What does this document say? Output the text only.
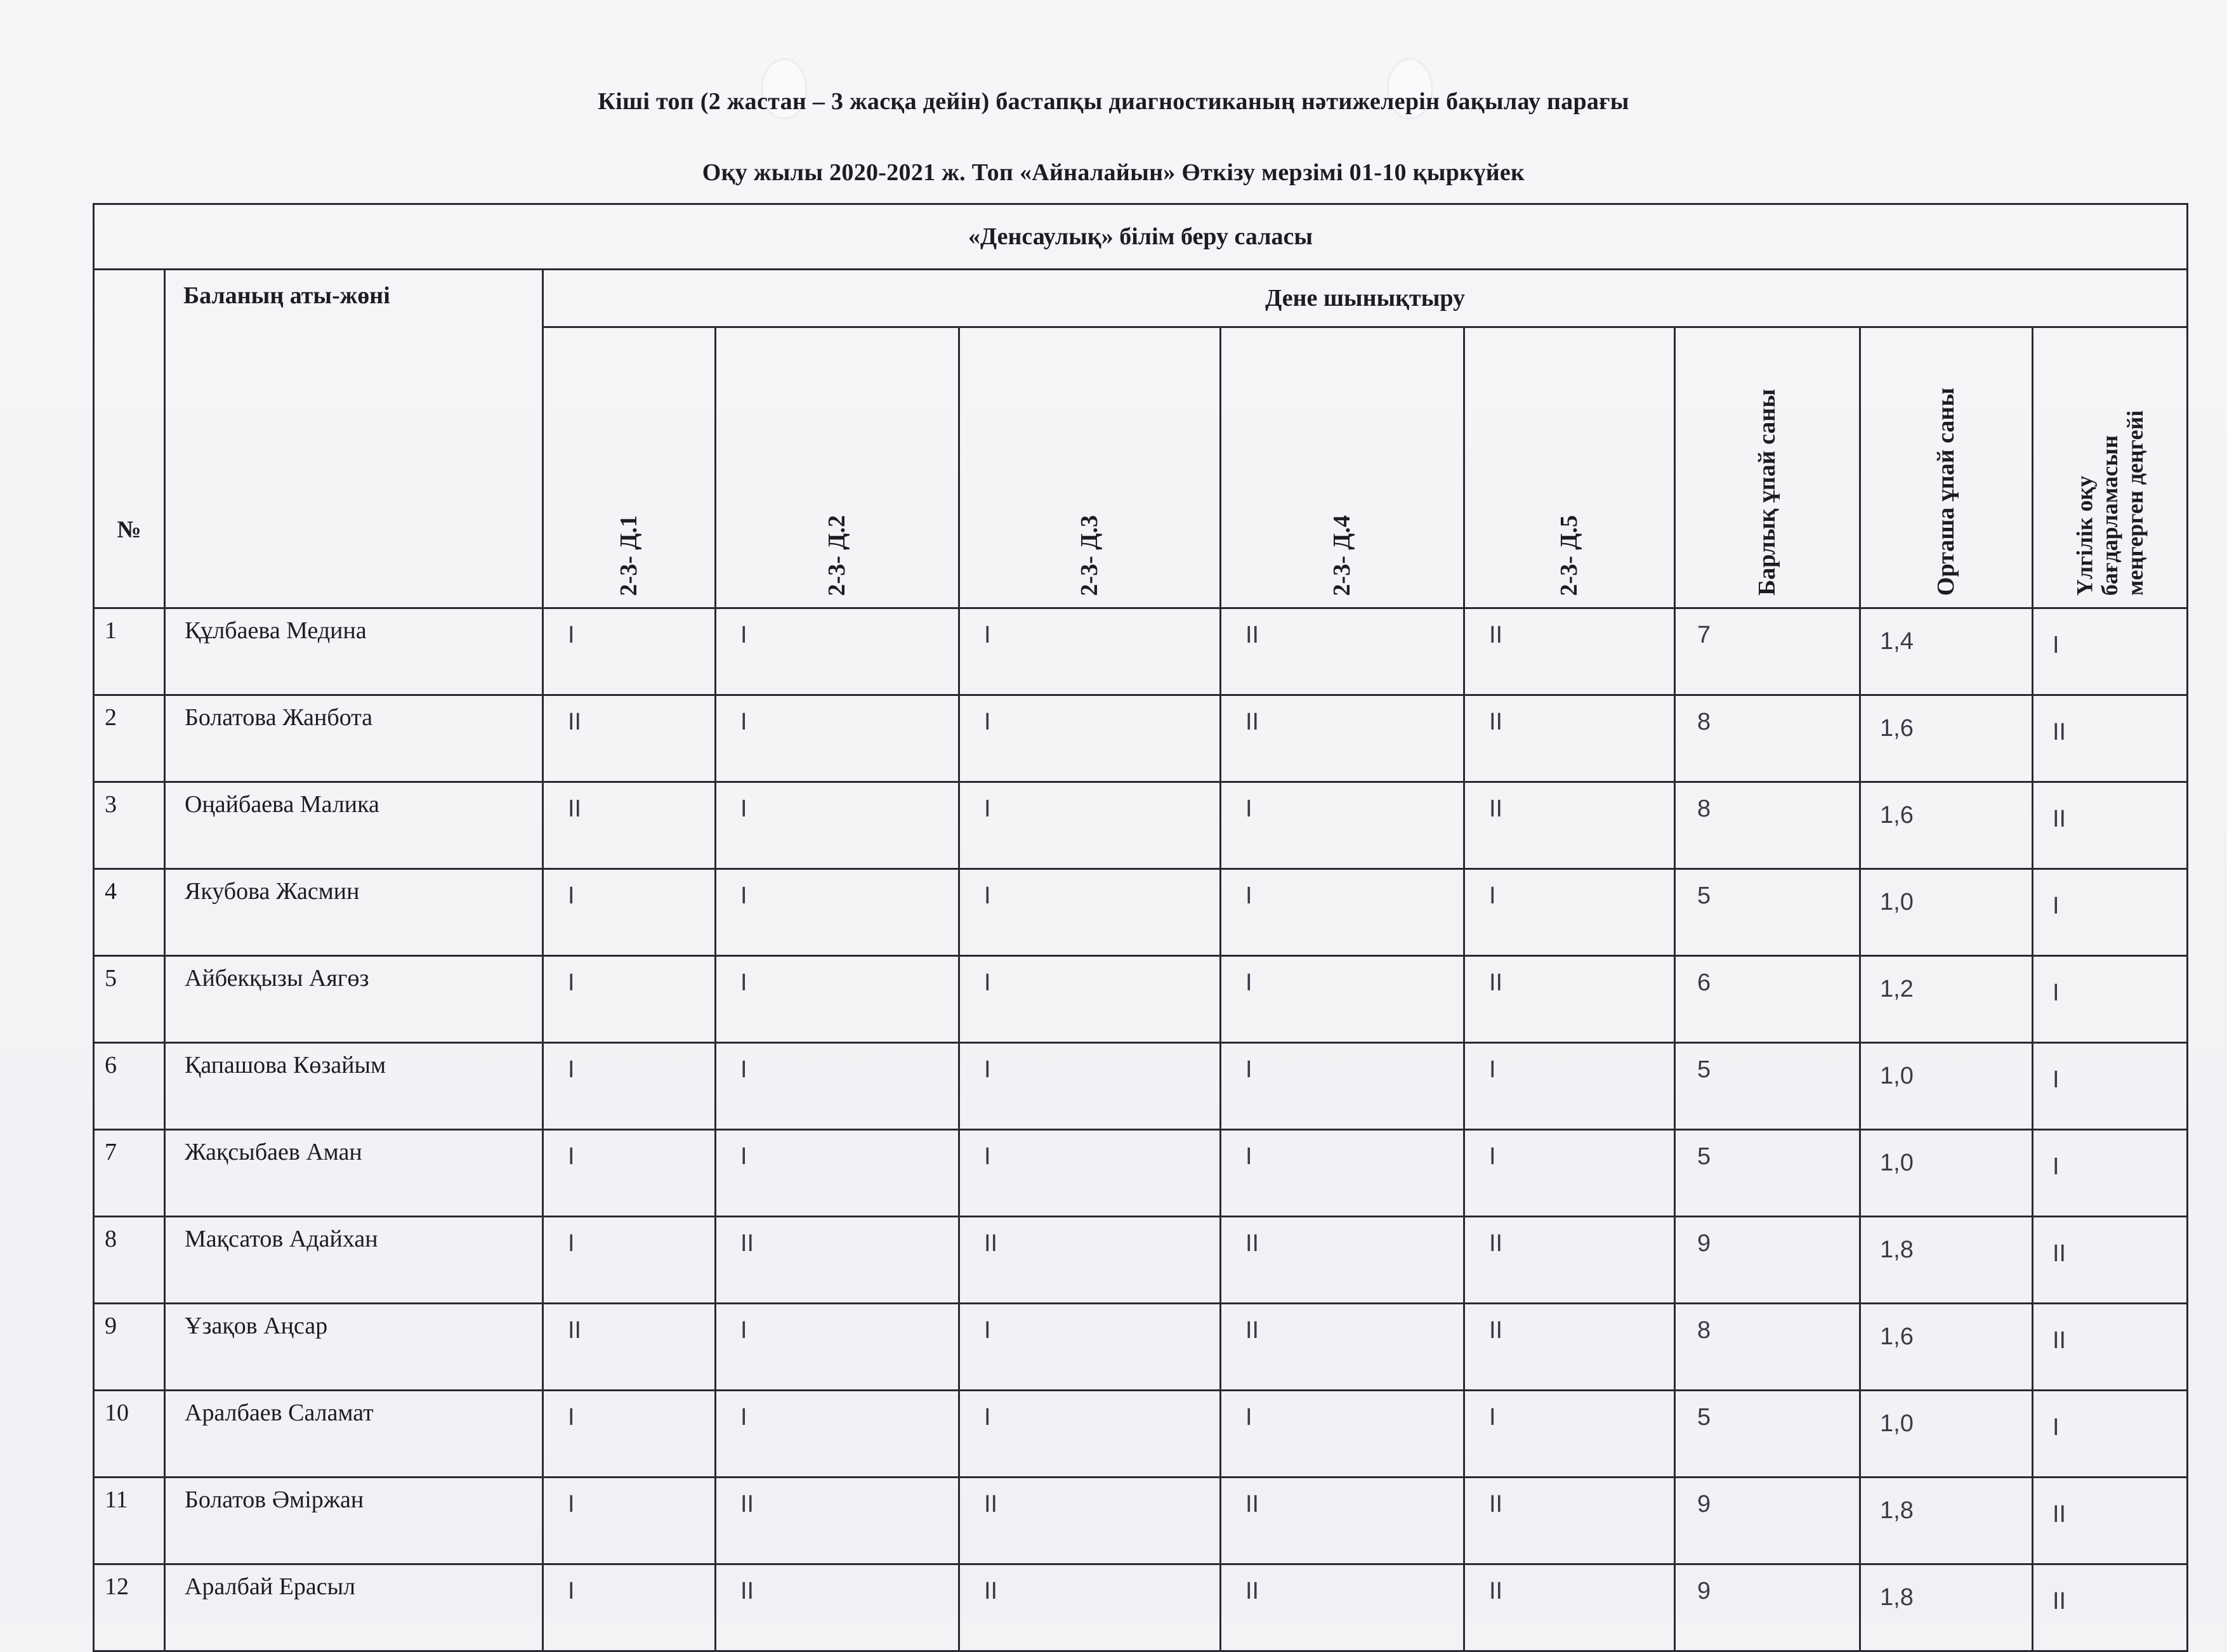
Кіші топ (2 жастан – 3 жасқа дейін) бастапқы диагностиканың нәтижелерін бақылау парағы
Оқу жылы 2020-2021 ж. Топ «Айналайын» Өткізу мерзімі 01-10 қыркүйек
«Денсаулық» білім беру саласы									
№	Баланың аты-жөні	Дене шынықтыру							

		2-3- Д.1	2-3- Д.2	2-3- Д.3	2-3- Д.4	2-3- Д.5	Барлық ұпай саны	Орташа ұпай саны	Үлгілік оқу бағдарламасын меңгерген деңгейі

1	Құлбаева Медина	I	I	I	II	II	7	1,4	I
2	Болатова Жанбота	II	I	I	II	II	8	1,6	II
3	Оңайбаева Малика	II	I	I	I	II	8	1,6	II
4	Якубова Жасмин	I	I	I	I	I	5	1,0	I
5	Айбекқызы Аягөз	I	I	I	I	II	6	1,2	I
6	Қапашова Көзайым	I	I	I	I	I	5	1,0	I
7	Жақсыбаев Аман	I	I	I	I	I	5	1,0	I
8	Мақсатов Адайхан	I	II	II	II	II	9	1,8	II
9	Ұзақов Аңсар	II	I	I	II	II	8	1,6	II
10	Аралбаев Саламат	I	I	I	I	I	5	1,0	I
11	Болатов Әміржан	I	II	II	II	II	9	1,8	II
12	Аралбай Ерасыл	I	II	II	II	II	9	1,8	II
